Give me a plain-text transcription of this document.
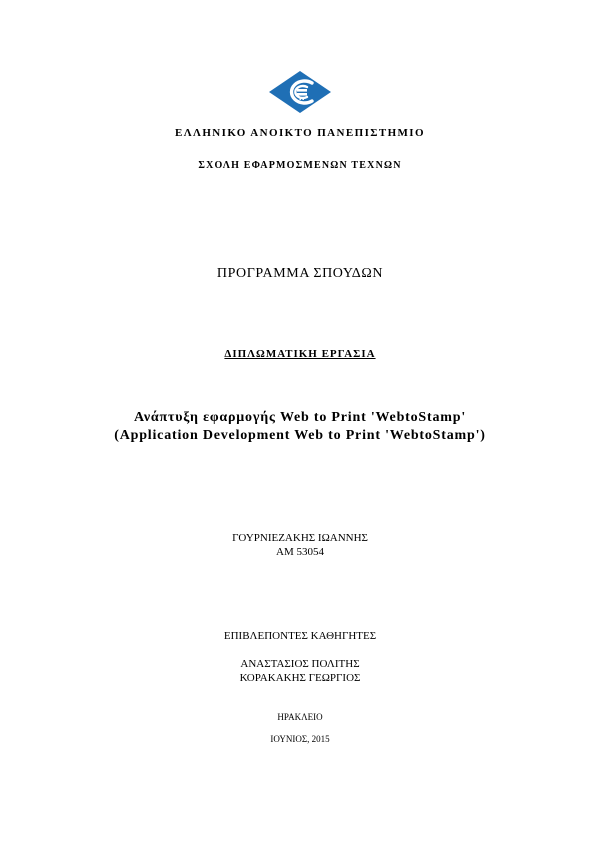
ΕΛΛΗΝΙΚΟ ΑΝΟΙΚΤΟ ΠΑΝΕΠΙΣΤΗΜΙΟ
ΣΧΟΛΗ ΕΦΑΡΜΟΣΜΕΝΩΝ ΤΕΧΝΩΝ
ΠΡΟΓΡΑΜΜΑ ΣΠΟΥΔΩΝ
ΔΙΠΛΩΜΑΤΙΚΗ ΕΡΓΑΣΙΑ
Ανάπτυξη εφαρμογής Web to Print 'WebtoStamp'
(Application Development Web to Print 'WebtoStamp')
ΓΟΥΡΝΙΕΖΑΚΗΣ ΙΩΑΝΝΗΣ
ΑΜ 53054
ΕΠΙΒΛΕΠΟΝΤΕΣ ΚΑΘΗΓΗΤΕΣ
ΑΝΑΣΤΑΣΙΟΣ ΠΟΛΙΤΗΣ
ΚΟΡΑΚΑΚΗΣ ΓΕΩΡΓΙΟΣ
ΗΡΑΚΛΕΙΟ
ΙΟΥΝΙΟΣ, 2015
